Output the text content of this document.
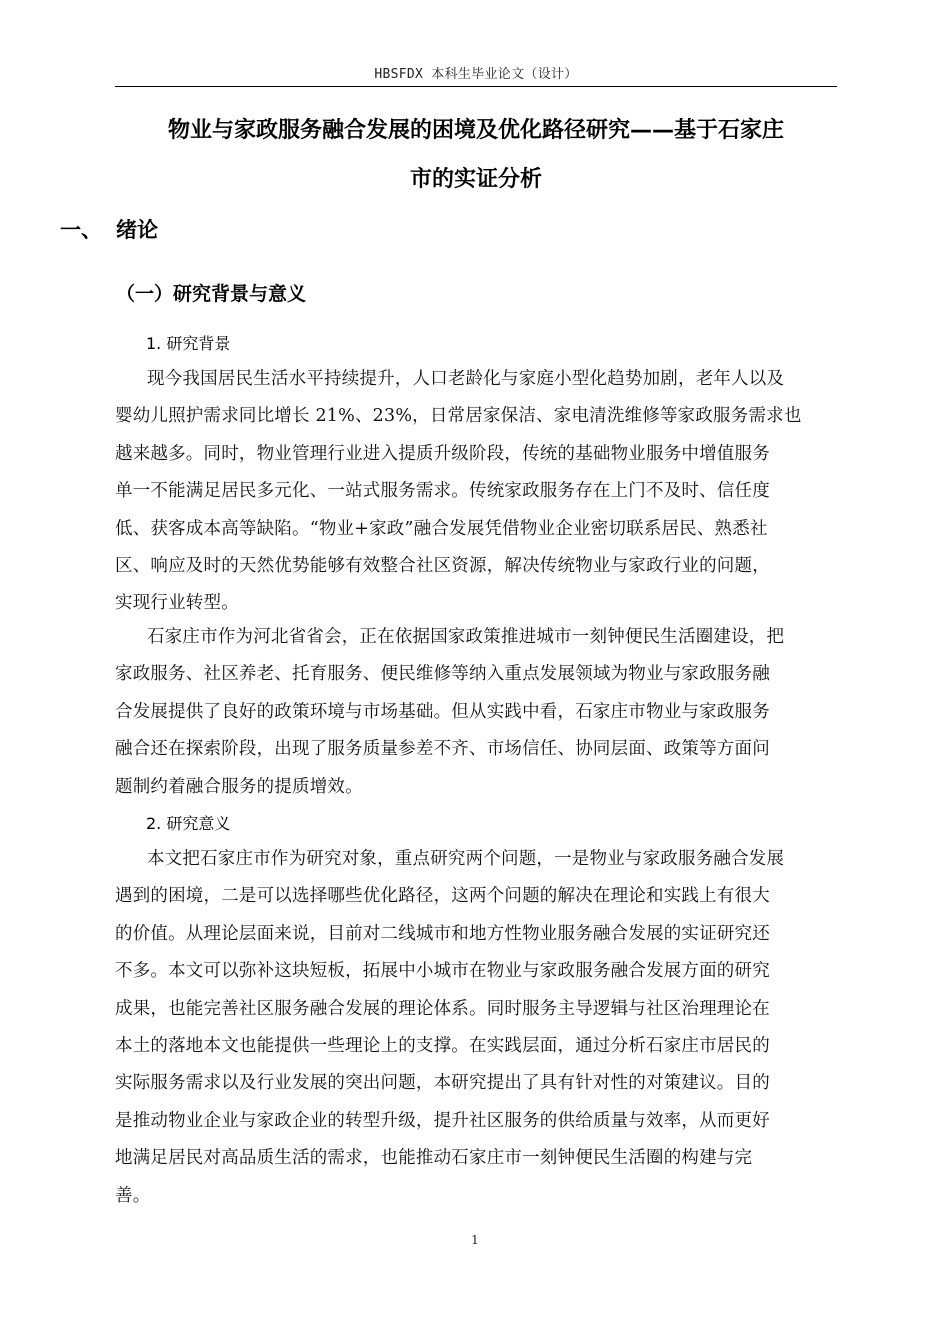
HBSFDX 本科生毕业论文（设计）
物业与家政服务融合发展的困境及优化路径研究——基于石家庄
市的实证分析
一、 绪论
（一）研究背景与意义
1. 研究背景
现今我国居民生活水平持续提升，人口老龄化与家庭小型化趋势加剧，老年人以及
婴幼儿照护需求同比增长 21%、23%，日常居家保洁、家电清洗维修等家政服务需求也
越来越多。同时，物业管理行业进入提质升级阶段，传统的基础物业服务中增值服务
单一不能满足居民多元化、一站式服务需求。传统家政服务存在上门不及时、信任度
低、获客成本高等缺陷。“物业+家政”融合发展凭借物业企业密切联系居民、熟悉社
区、响应及时的天然优势能够有效整合社区资源，解决传统物业与家政行业的问题，
实现行业转型。
石家庄市作为河北省省会，正在依据国家政策推进城市一刻钟便民生活圈建设，把
家政服务、社区养老、托育服务、便民维修等纳入重点发展领域为物业与家政服务融
合发展提供了良好的政策环境与市场基础。但从实践中看，石家庄市物业与家政服务
融合还在探索阶段，出现了服务质量参差不齐、市场信任、协同层面、政策等方面问
题制约着融合服务的提质增效。
2. 研究意义
本文把石家庄市作为研究对象，重点研究两个问题，一是物业与家政服务融合发展
遇到的困境，二是可以选择哪些优化路径，这两个问题的解决在理论和实践上有很大
的价值。从理论层面来说，目前对二线城市和地方性物业服务融合发展的实证研究还
不多。本文可以弥补这块短板，拓展中小城市在物业与家政服务融合发展方面的研究
成果，也能完善社区服务融合发展的理论体系。同时服务主导逻辑与社区治理理论在
本土的落地本文也能提供一些理论上的支撑。在实践层面，通过分析石家庄市居民的
实际服务需求以及行业发展的突出问题，本研究提出了具有针对性的对策建议。目的
是推动物业企业与家政企业的转型升级，提升社区服务的供给质量与效率，从而更好
地满足居民对高品质生活的需求，也能推动石家庄市一刻钟便民生活圈的构建与完
善。
1
